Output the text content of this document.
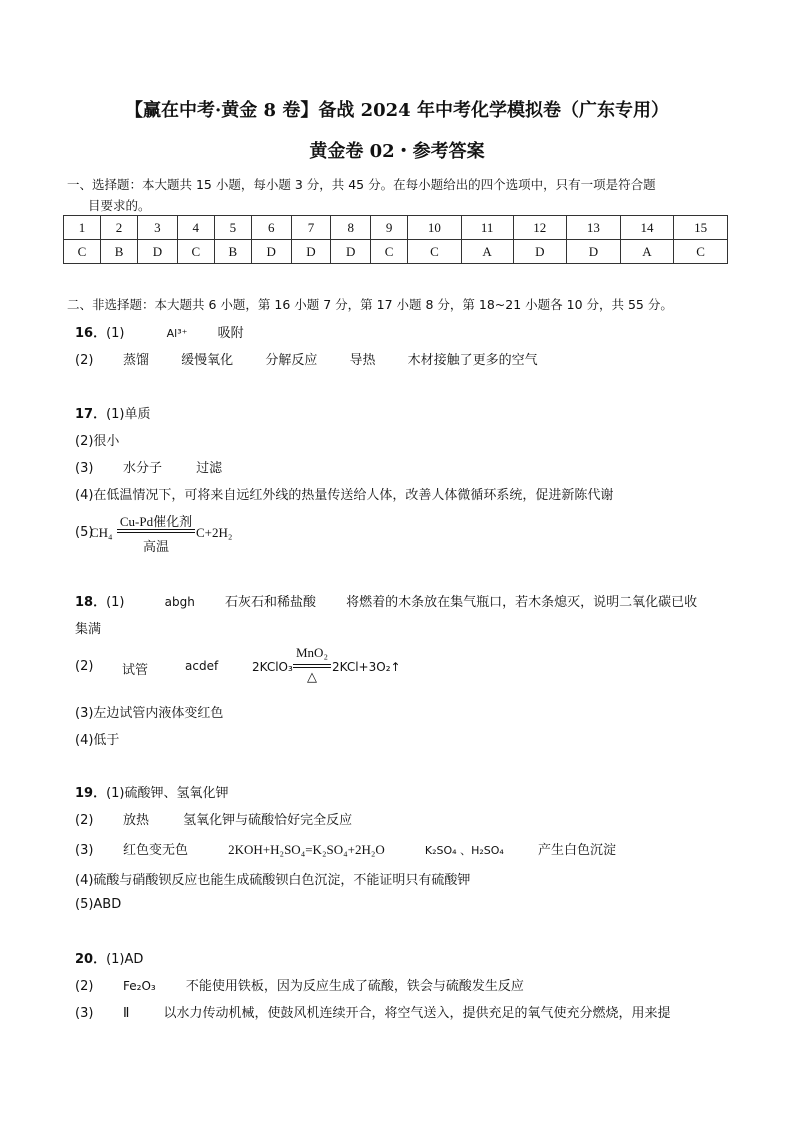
【赢在中考·黄金 8 卷】备战 2024 年中考化学模拟卷（广东专用）
黄金卷 02・参考答案
一、选择题：本大题共 15 小题，每小题 3 分，共 45 分。在每小题给出的四个选项中，只有一项是符合题
目要求的。
1	2	3	4	5	6	7	8	9	10	11	12	13	14	15
C	B	D	C	B	D	D	D	C	C	A	D	D	A	C
二、非选择题：本大题共 6 小题，第 16 小题 7 分，第 17 小题 8 分，第 18~21 小题各 10 分，共 55 分。
16．(1)	Al³⁺ 吸附
(2) 蒸馏 缓慢氧化 分解反应 导热 木材接触了更多的空气
17．(1)单质
(2)很小
(3) 水分子	过滤
(4)在低温情况下，可将来自远红外线的热量传送给人体，改善人体微循环系统，促进新陈代谢
(5)
CH₄
Cu-Pd催化剂
高温
C+2H₂
18．(1)	abgh 石灰石和稀盐酸 将燃着的木条放在集气瓶口，若木条熄灭，说明二氧化碳已收
集满
(2) 试管	acdef	2KClO₃
MnO₂
△
2KCl+3O₂↑
(3)左边试管内液体变红色
(4)低于
19．(1)硫酸钾、氢氧化钾
(2) 放热	氢氧化钾与硫酸恰好完全反应
(3) 红色变无色	2KOH+H₂SO₄=K₂SO₄+2H₂O	K₂SO₄ 、H₂SO₄	产生白色沉淀
(4)硫酸与硝酸钡反应也能生成硫酸钡白色沉淀，不能证明只有硫酸钾
(5)ABD
20．(1)AD
(2) Fe₂O₃ 不能使用铁板，因为反应生成了硫酸，铁会与硫酸发生反应
(3) Ⅱ	以水力传动机械，使鼓风机连续开合，将空气送入，提供充足的氧气使充分燃烧，用来提
